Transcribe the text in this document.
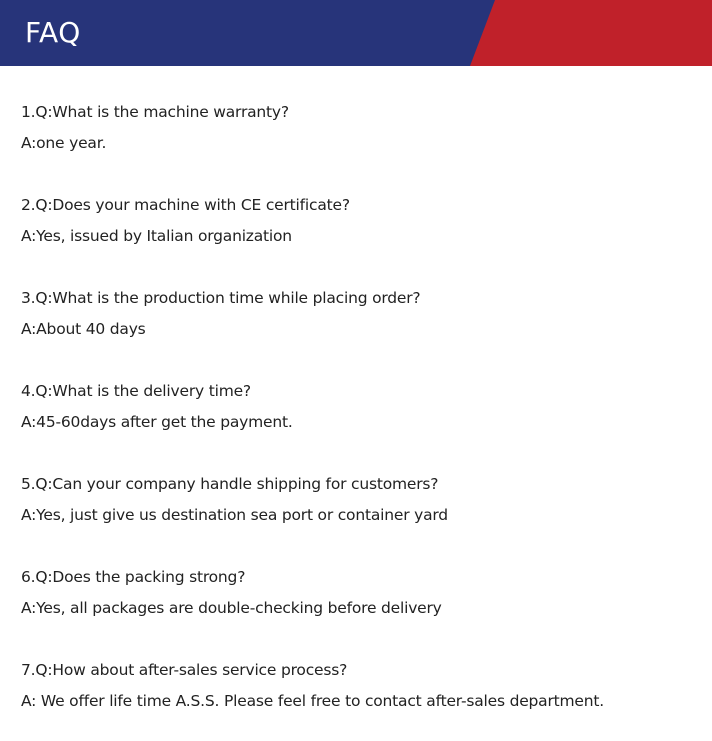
FAQ

1.Q:What is the machine warranty?

A:one year.

2.Q:Does your machine with CE certificate?

A:Yes, issued by Italian organization

3.Q:What is the production time while placing order?

A:About 40 days

4.Q:What is the delivery time?

A:45-60days after get the payment.

5.Q:Can your company handle shipping for customers?

A:Yes, just give us destination sea port or container yard

6.Q:Does the packing strong?

A:Yes, all packages are double-checking before delivery

7.Q:How about after-sales service process?

A: We offer life time A.S.S. Please feel free to contact after-sales department.
